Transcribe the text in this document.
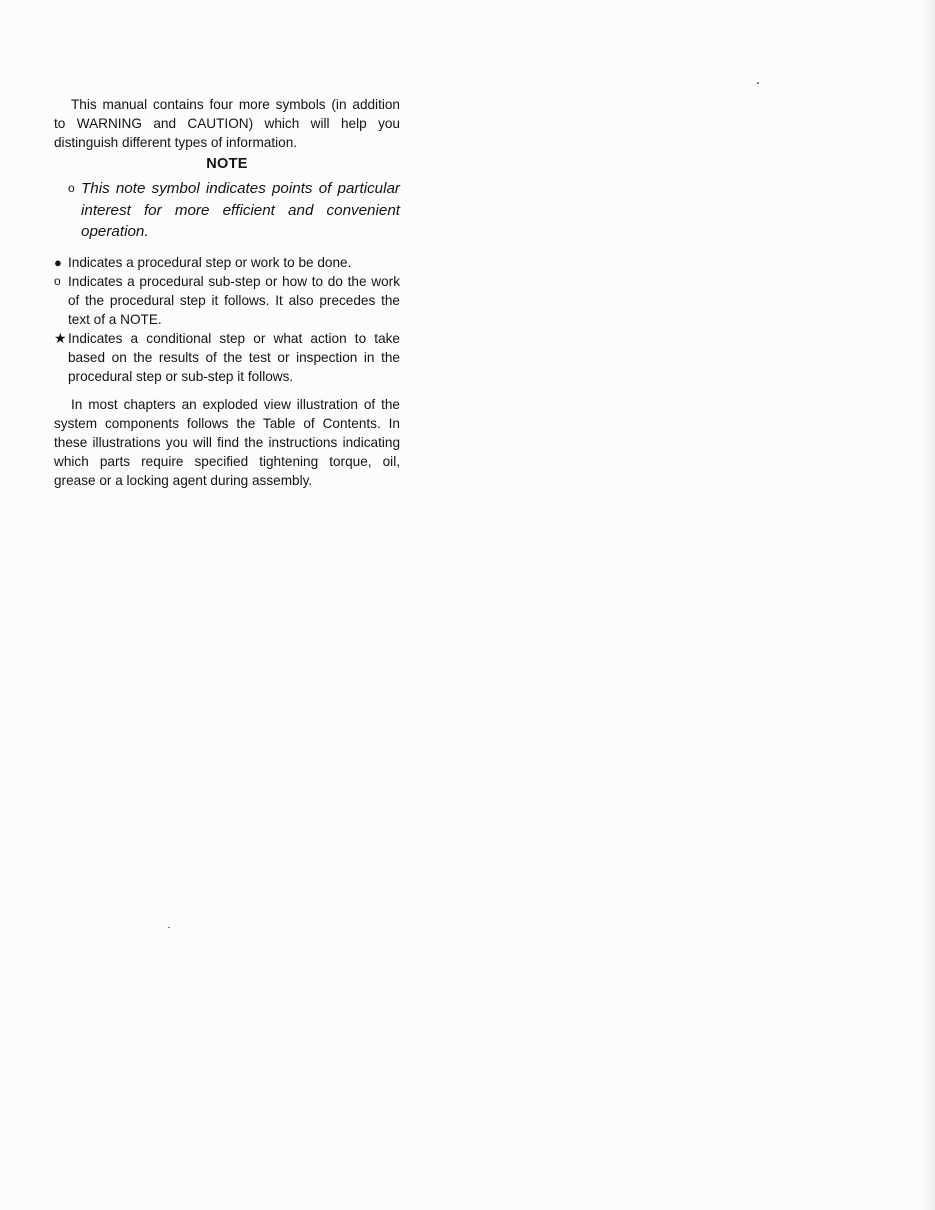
This manual contains four more symbols (in addition to WARNING and CAUTION) which will help you distinguish different types of information.

NOTE
o This note symbol indicates points of particular interest for more efficient and convenient operation.
● Indicates a procedural step or work to be done.
o Indicates a procedural sub-step or how to do the work of the procedural step it follows. It also precedes the text of a NOTE.
★ Indicates a conditional step or what action to take based on the results of the test or inspection in the procedural step or sub-step it follows.

In most chapters an exploded view illustration of the system components follows the Table of Contents. In these illustrations you will find the instructions indicating which parts require specified tightening torque, oil, grease or a locking agent during assembly.
